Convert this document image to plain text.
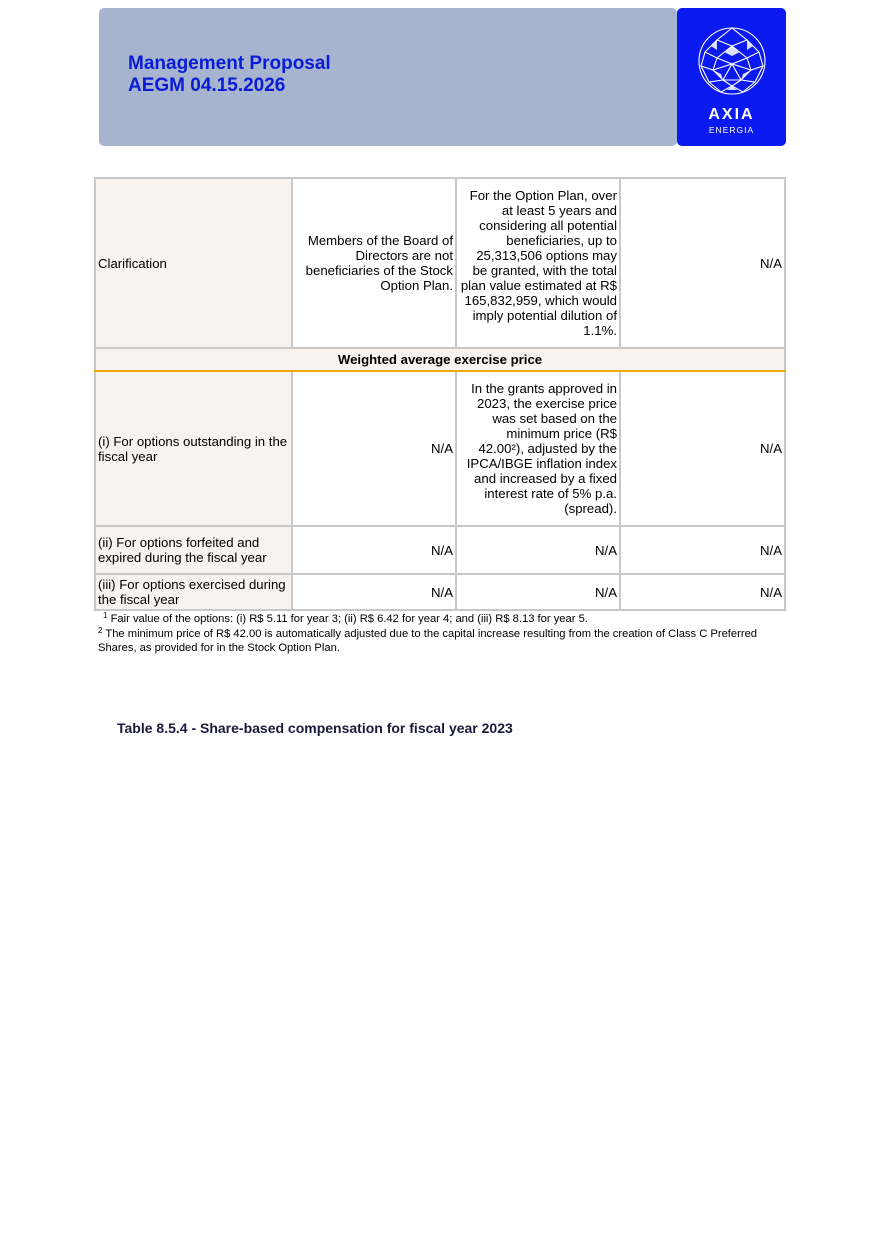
Management Proposal
AEGM 04.15.2026
AXIA
ENERGIA
Clarification	Members of the Board of Directors are not beneficiaries of the Stock Option Plan.	For the Option Plan, over at least 5 years and considering all potential beneficiaries, up to 25,313,506 options may be granted, with the total plan value estimated at R$ 165,832,959, which would imply potential dilution of 1.1%.	N/A
Weighted average exercise price			
(i) For options outstanding in the fiscal year	N/A	In the grants approved in 2023, the exercise price was set based on the minimum price (R$ 42.00²), adjusted by the IPCA/IBGE inflation index and increased by a fixed interest rate of 5% p.a. (spread).	N/A
(ii) For options forfeited and expired during the fiscal year	N/A	N/A	N/A
(iii) For options exercised during the fiscal year	N/A	N/A	N/A
$^1$ Fair value of the options: (i) R$ 5.11 for year 3; (ii) R$ 6.42 for year 4; and (iii) R$ 8.13 for year 5.
$^2$ The minimum price of R$ 42.00 is automatically adjusted due to the capital increase resulting from the creation of Class C Preferred Shares, as provided for in the Stock Option Plan.
Table 8.5.4 - Share-based compensation for fiscal year 2023
